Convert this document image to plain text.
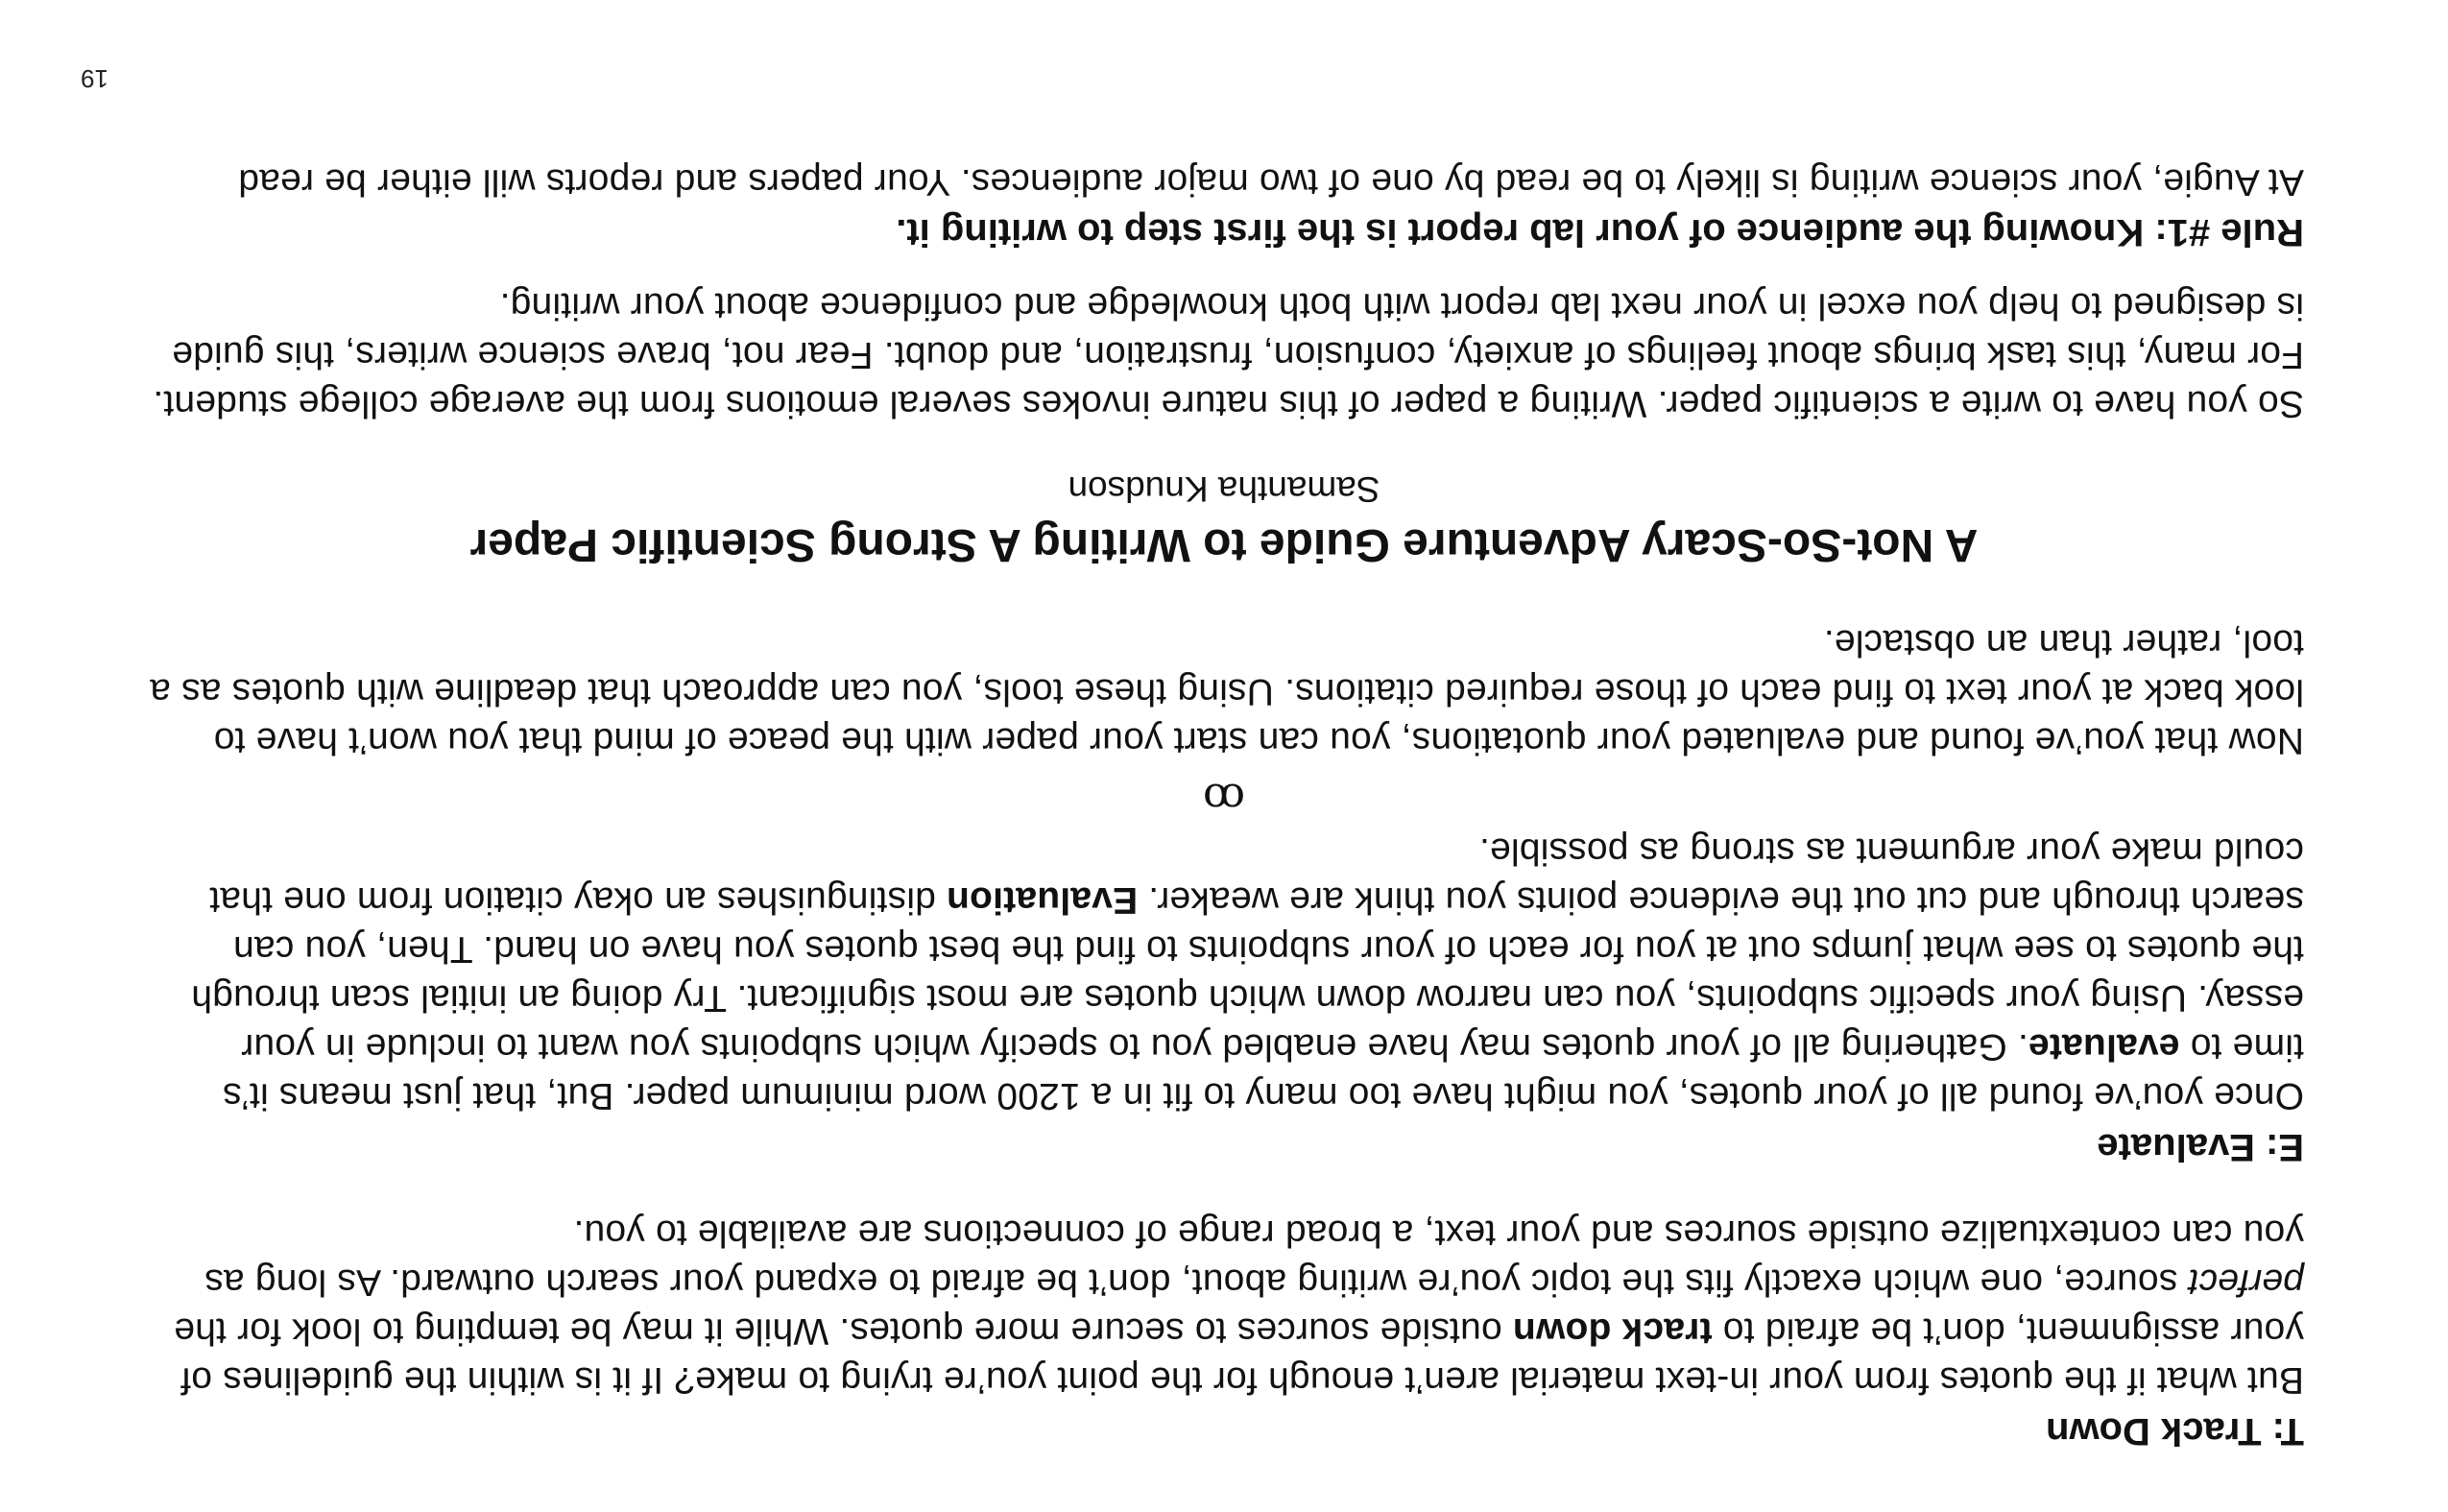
T: Track Down

But what if the quotes from your in-text material aren’t enough for the point you’re trying to make? If it is within the guidelines of your assignment, don’t be afraid to track down outside sources to secure more quotes. While it may be tempting to look for the perfect source, one which exactly fits the topic you’re writing about, don’t be afraid to expand your search outward. As long as you can contextualize outside sources and your text, a broad range of connections are available to you.

E: Evaluate

Once you’ve found all of your quotes, you might have too many to fit in a 1200 word minimum paper. But, that just means it’s time to evaluate. Gathering all of your quotes may have enabled you to specify which subpoints you want to include in your essay. Using your specific subpoints, you can narrow down which quotes are most significant. Try doing an initial scan through the quotes to see what jumps out at you for each of your subpoints to find the best quotes you have on hand. Then, you can search through and cut out the evidence points you think are weaker. Evaluation distinguishes an okay citation from one that could make your argument as strong as possible.

ꝏ

Now that you’ve found and evaluated your quotations, you can start your paper with the peace of mind that you won’t have to look back at your text to find each of those required citations. Using these tools, you can approach that deadline with quotes as a tool, rather than an obstacle.

A Not-So-Scary Adventure Guide to Writing A Strong Scientific Paper
Samantha Knudson

So you have to write a scientific paper. Writing a paper of this nature invokes several emotions from the average college student. For many, this task brings about feelings of anxiety, confusion, frustration, and doubt. Fear not, brave science writers, this guide is designed to help you excel in your next lab report with both knowledge and confidence about your writing.

Rule #1: Knowing the audience of your lab report is the first step to writing it.

At Augie, your science writing is likely to be read by one of two major audiences. Your papers and reports will either be read

19
